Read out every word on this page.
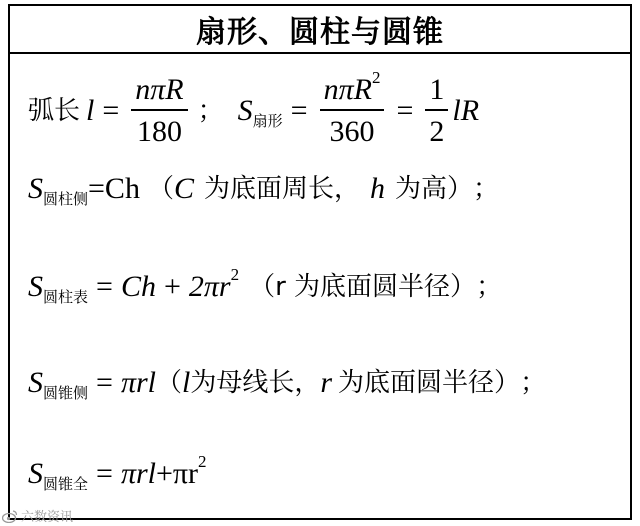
扇形、圆柱与圆锥
弧长 $l = \frac{\text{nπR}}{180}$ ； S 扇形 = $\frac{\text{nπR 2}}{360} = \frac{1}{2}$ lR
S 圆柱侧 =Ch （ C 为底面周长， h 为高） ；
S 圆柱表 = Ch + 2πr 2 （r 为底面圆半径） ；
S 圆锥侧 = πrl （ l 为母线长， r 为底面圆半径） ；
S 圆锥全 = πrl + πr 2
六数资讯
